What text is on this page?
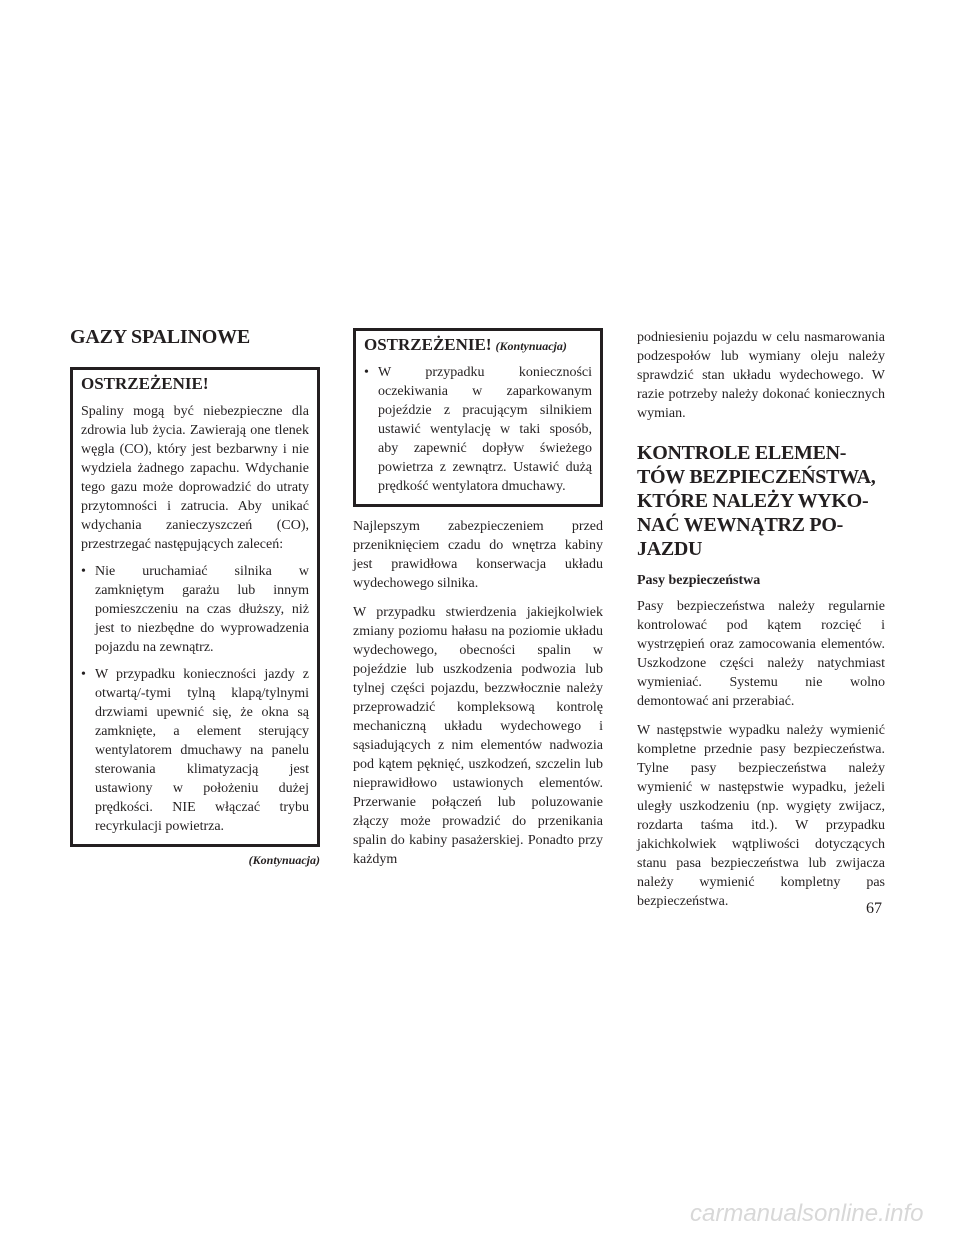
GAZY SPALINOWE
OSTRZEŻENIE!

Spaliny mogą być niebezpieczne dla zdrowia lub życia. Zawierają one tlenek węgla (CO), który jest bezbarwny i nie wydziela żadnego zapachu. Wdychanie tego gazu może doprowadzić do utraty przytomności i zatrucia. Aby unikać wdychania zanieczyszczeń (CO), przestrzegać następujących zaleceń:

• Nie uruchamiać silnika w zamkniętym garażu lub innym pomieszczeniu na czas dłuższy, niż jest to niezbędne do wyprowadzenia pojazdu na zewnątrz.
• W przypadku konieczności jazdy z otwartą/-tymi tylną klapą/tylnymi drzwiami upewnić się, że okna są zamknięte, a element sterujący wentylatorem dmuchawy na panelu sterowania klimatyzacją jest ustawiony w położeniu dużej prędkości. NIE włączać trybu recyrkulacji powietrza.
(Kontynuacja)
OSTRZEŻENIE! (Kontynuacja)
• W przypadku konieczności oczekiwania w zaparkowanym pojeździe z pracującym silnikiem ustawić wentylację w taki sposób, aby zapewnić dopływ świeżego powietrza z zewnątrz. Ustawić dużą prędkość wentylatora dmuchawy.

Najlepszym zabezpieczeniem przed przeniknięciem czadu do wnętrza kabiny jest prawidłowa konserwacja układu wydechowego silnika.

W przypadku stwierdzenia jakiejkolwiek zmiany poziomu hałasu na poziomie układu wydechowego, obecności spalin w pojeździe lub uszkodzenia podwozia lub tylnej części pojazdu, bezzwłocznie należy przeprowadzić kompleksową kontrolę mechaniczną układu wydechowego i sąsiadujących z nim elementów nadwozia pod kątem pęknięć, uszkodzeń, szczelin lub nieprawidłowo ustawionych elementów. Przerwanie połączeń lub poluzowanie złączy może prowadzić do przenikania spalin do kabiny pasażerskiej. Ponadto przy każdym

podniesieniu pojazdu w celu nasmarowania podzespołów lub wymiany oleju należy sprawdzić stan układu wydechowego. W razie potrzeby należy dokonać koniecznych wymian.

KONTROLE ELEMEN-
TÓW BEZPIECZEŃSTWA,
KTÓRE NALEŻY WYKO-
NAĆ WEWNĄTRZ PO-
JAZDU
Pasy bezpieczeństwa

Pasy bezpieczeństwa należy regularnie kontrolować pod kątem rozcięć i wystrzępień oraz zamocowania elementów. Uszkodzone części należy natychmiast wymieniać. Systemu nie wolno demontować ani przerabiać.

W następstwie wypadku należy wymienić kompletne przednie pasy bezpieczeństwa. Tylne pasy bezpieczeństwa należy wymienić w następstwie wypadku, jeżeli uległy uszkodzeniu (np. wygięty zwijacz, rozdarta taśma itd.). W przypadku jakichkolwiek wątpliwości dotyczących stanu pasa bezpieczeństwa lub zwijacza należy wymienić kompletny pas bezpieczeństwa.	67
carmanualsonline.info
